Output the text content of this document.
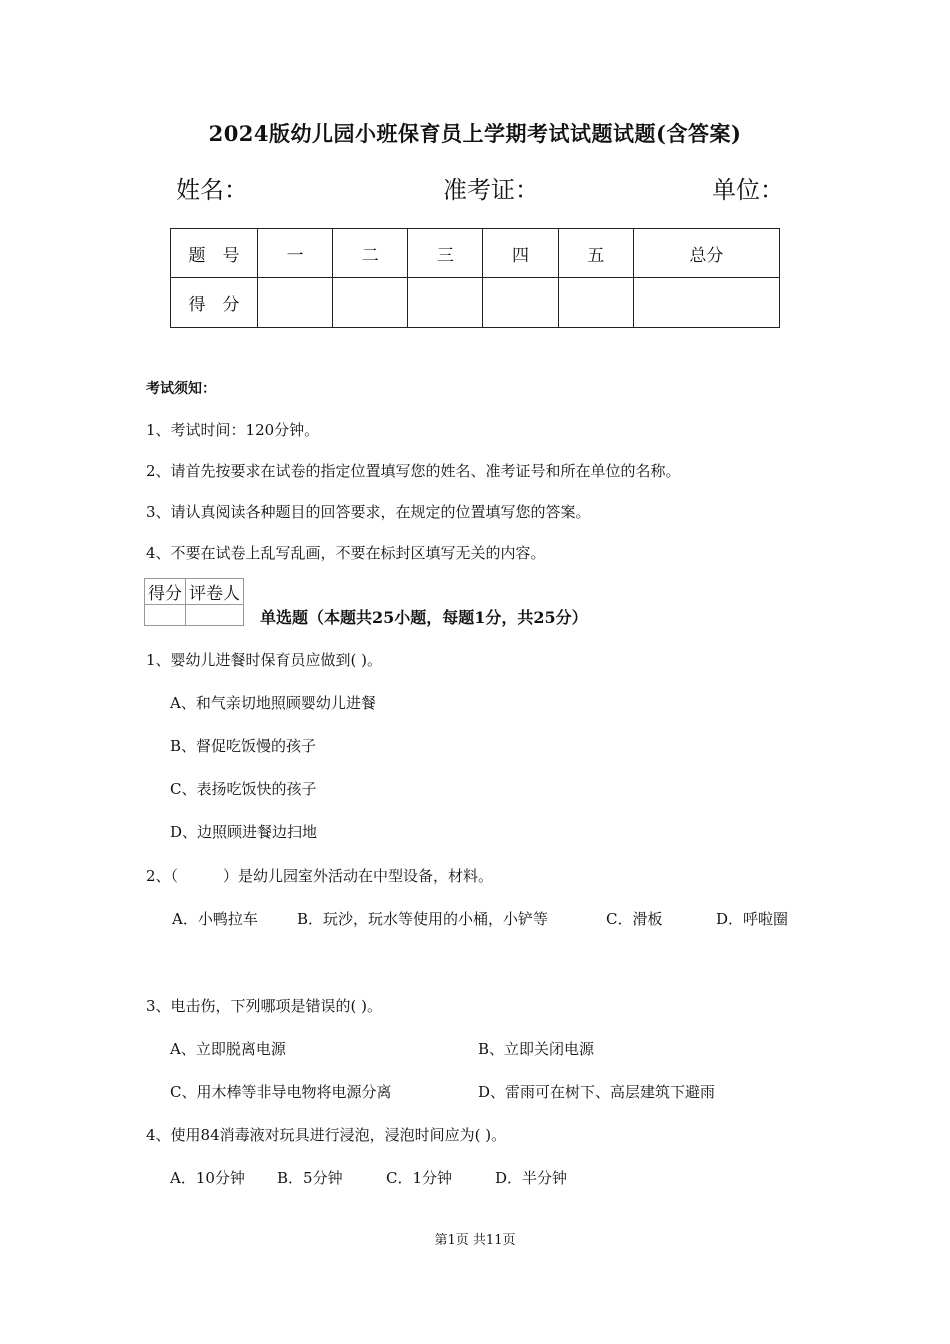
2024版幼儿园小班保育员上学期考试试题试题(含答案)
姓名：	准考证：	单位：
题　号	一	二	三	四	五	总分
得　分						
考试须知：
1、考试时间：120分钟。
2、请首先按要求在试卷的指定位置填写您的姓名、准考证号和所在单位的名称。
3、请认真阅读各种题目的回答要求，在规定的位置填写您的答案。
4、不要在试卷上乱写乱画，不要在标封区填写无关的内容。
得分	评卷人

单选题（本题共25小题，每题1分，共25分）
1、婴幼儿进餐时保育员应做到( )。
A、和气亲切地照顾婴幼儿进餐
B、督促吃饭慢的孩子
C、表扬吃饭快的孩子
D、边照顾进餐边扫地
2、（　　　）是幼儿园室外活动在中型设备，材料。
A．小鸭拉车	B．玩沙，玩水等使用的小桶，小铲等	C．滑板	D．呼啦圈
3、电击伤，下列哪项是错误的( )。
A、立即脱离电源	B、立即关闭电源
C、用木棒等非导电物将电源分离	D、雷雨可在树下、高层建筑下避雨
4、使用84消毒液对玩具进行浸泡，浸泡时间应为( )。
A．10分钟 B．5分钟	C．1分钟	D．半分钟
第1页 共11页
